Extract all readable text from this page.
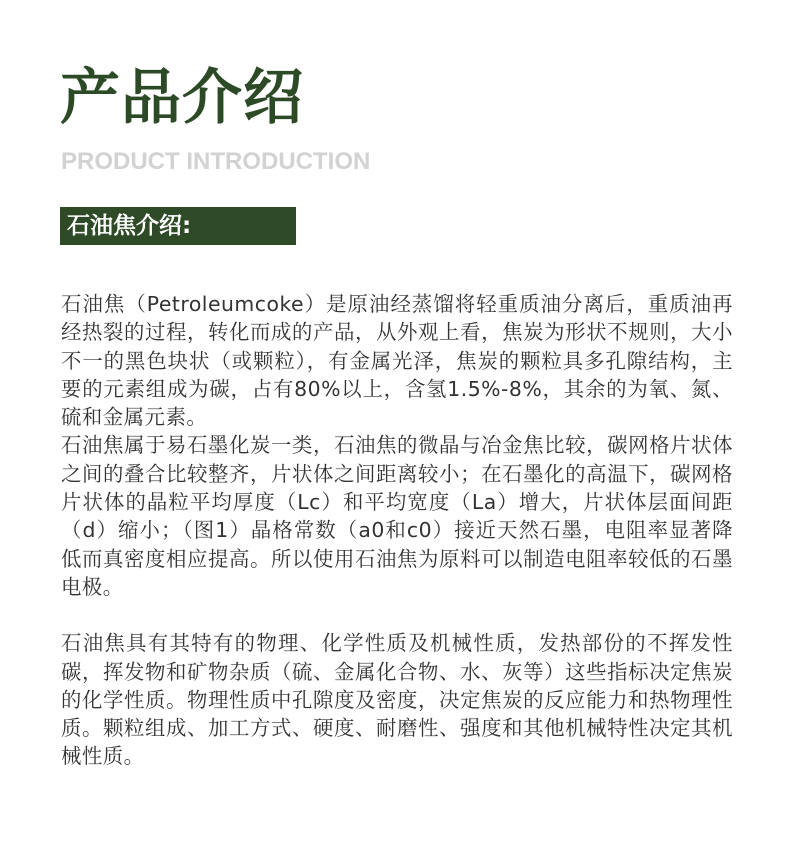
产品介绍
PRODUCT INTRODUCTION
石油焦介绍:

石油焦（Petroleumcoke）是原油经蒸馏将轻重质油分离后，重质油再经热裂的过程，转化而成的产品，从外观上看，焦炭为形状不规则，大小不一的黑色块状（或颗粒），有金属光泽，焦炭的颗粒具多孔隙结构，主要的元素组成为碳，占有80%以上，含氢1.5%-8%，其余的为氧、氮、硫和金属元素。

石油焦属于易石墨化炭一类，石油焦的微晶与冶金焦比较，碳网格片状体之间的叠合比较整齐，片状体之间距离较小；在石墨化的高温下，碳网格片状体的晶粒平均厚度（Lc）和平均宽度（La）增大，片状体层面间距（d）缩小；（图1）晶格常数（a0和c0）接近天然石墨，电阻率显著降低而真密度相应提高。所以使用石油焦为原料可以制造电阻率较低的石墨电极。

石油焦具有其特有的物理、化学性质及机械性质，发热部份的不挥发性碳，挥发物和矿物杂质（硫、金属化合物、水、灰等）这些指标决定焦炭的化学性质。物理性质中孔隙度及密度，决定焦炭的反应能力和热物理性质。颗粒组成、加工方式、硬度、耐磨性、强度和其他机械特性决定其机械性质。
